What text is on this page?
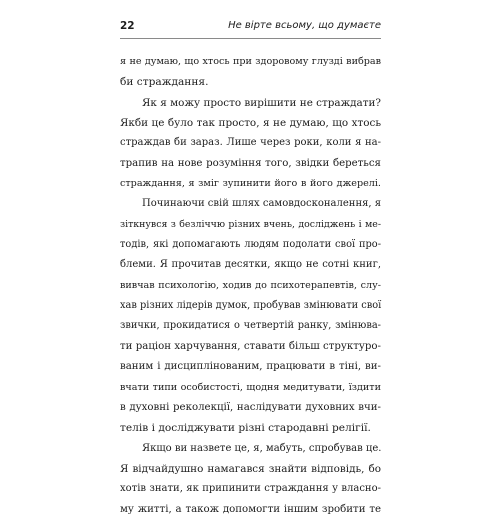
22	Не вірте всьому, що думаєте
я не думаю, що хтось при здоровому глузді вибрав
би страждання.
Як я можу просто вирішити не страждати?
Якби це було так просто, я не думаю, що хтось
страждав би зараз. Лише через роки, коли я на-
трапив на нове розуміння того, звідки береться
страждання, я зміг зупинити його в його джерелі.
Починаючи свій шлях самовдосконалення, я
зіткнувся з безліччю різних вчень, досліджень і ме-
тодів, які допомагають людям подолати свої про-
блеми. Я прочитав десятки, якщо не сотні книг,
вивчав психологію, ходив до психотерапевтів, слу-
хав різних лідерів думок, пробував змінювати свої
звички, прокидатися о четвертій ранку, змінюва-
ти раціон харчування, ставати більш структуро-
ваним і дисциплінованим, працювати в тіні, ви-
вчати типи особистості, щодня медитувати, їздити
в духовні реколекції, наслідувати духовних вчи-
телів і досліджувати різні стародавні релігії.
Якщо ви назвете це, я, мабуть, спробував це.
Я відчайдушно намагався знайти відповідь, бо
хотів знати, як припинити страждання у власно-
му житті, а також допомогти іншим зробити те
